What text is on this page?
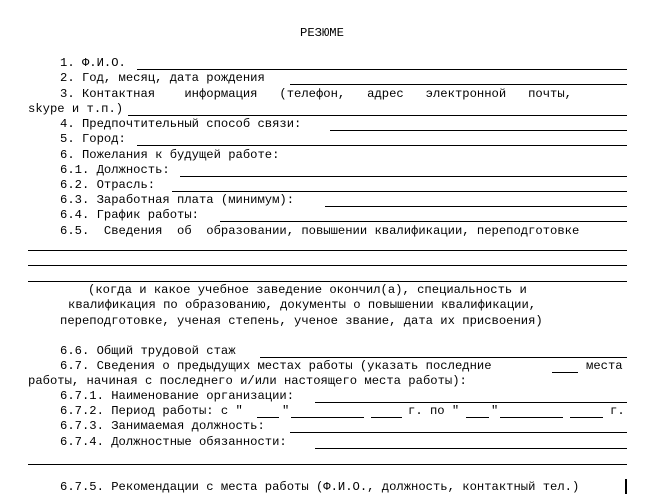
РЕЗЮМЕ
1. Ф.И.О.
2. Год, месяц, дата рождения
3. Контактная    информация   (телефон,   адрес   электронной   почты,
skype и т.п.)
4. Предпочтительный способ связи:
5. Город:
6. Пожелания к будущей работе:
6.1. Должность:
6.2. Отрасль:
6.3. Заработная плата (минимум):
6.4. График работы:
6.5.  Сведения  об  образовании, повышении квалификации, переподготовке
(когда и какое учебное заведение окончил(а), специальность и
квалификация по образованию, документы о повышении квалификации,
переподготовке, ученая степень, ученое звание, дата их присвоения)
6.6. Общий трудовой стаж
6.7. Сведения о предыдущих местах работы (указать последние	места
работы, начиная с последнего и/или настоящего места работы):
6.7.1. Наименование организации:
6.7.2. Период работы: с "	"	г. по "	"	г.
6.7.3. Занимаемая должность:
6.7.4. Должностные обязанности:
6.7.5. Рекомендации с места работы (Ф.И.О., должность, контактный тел.)
